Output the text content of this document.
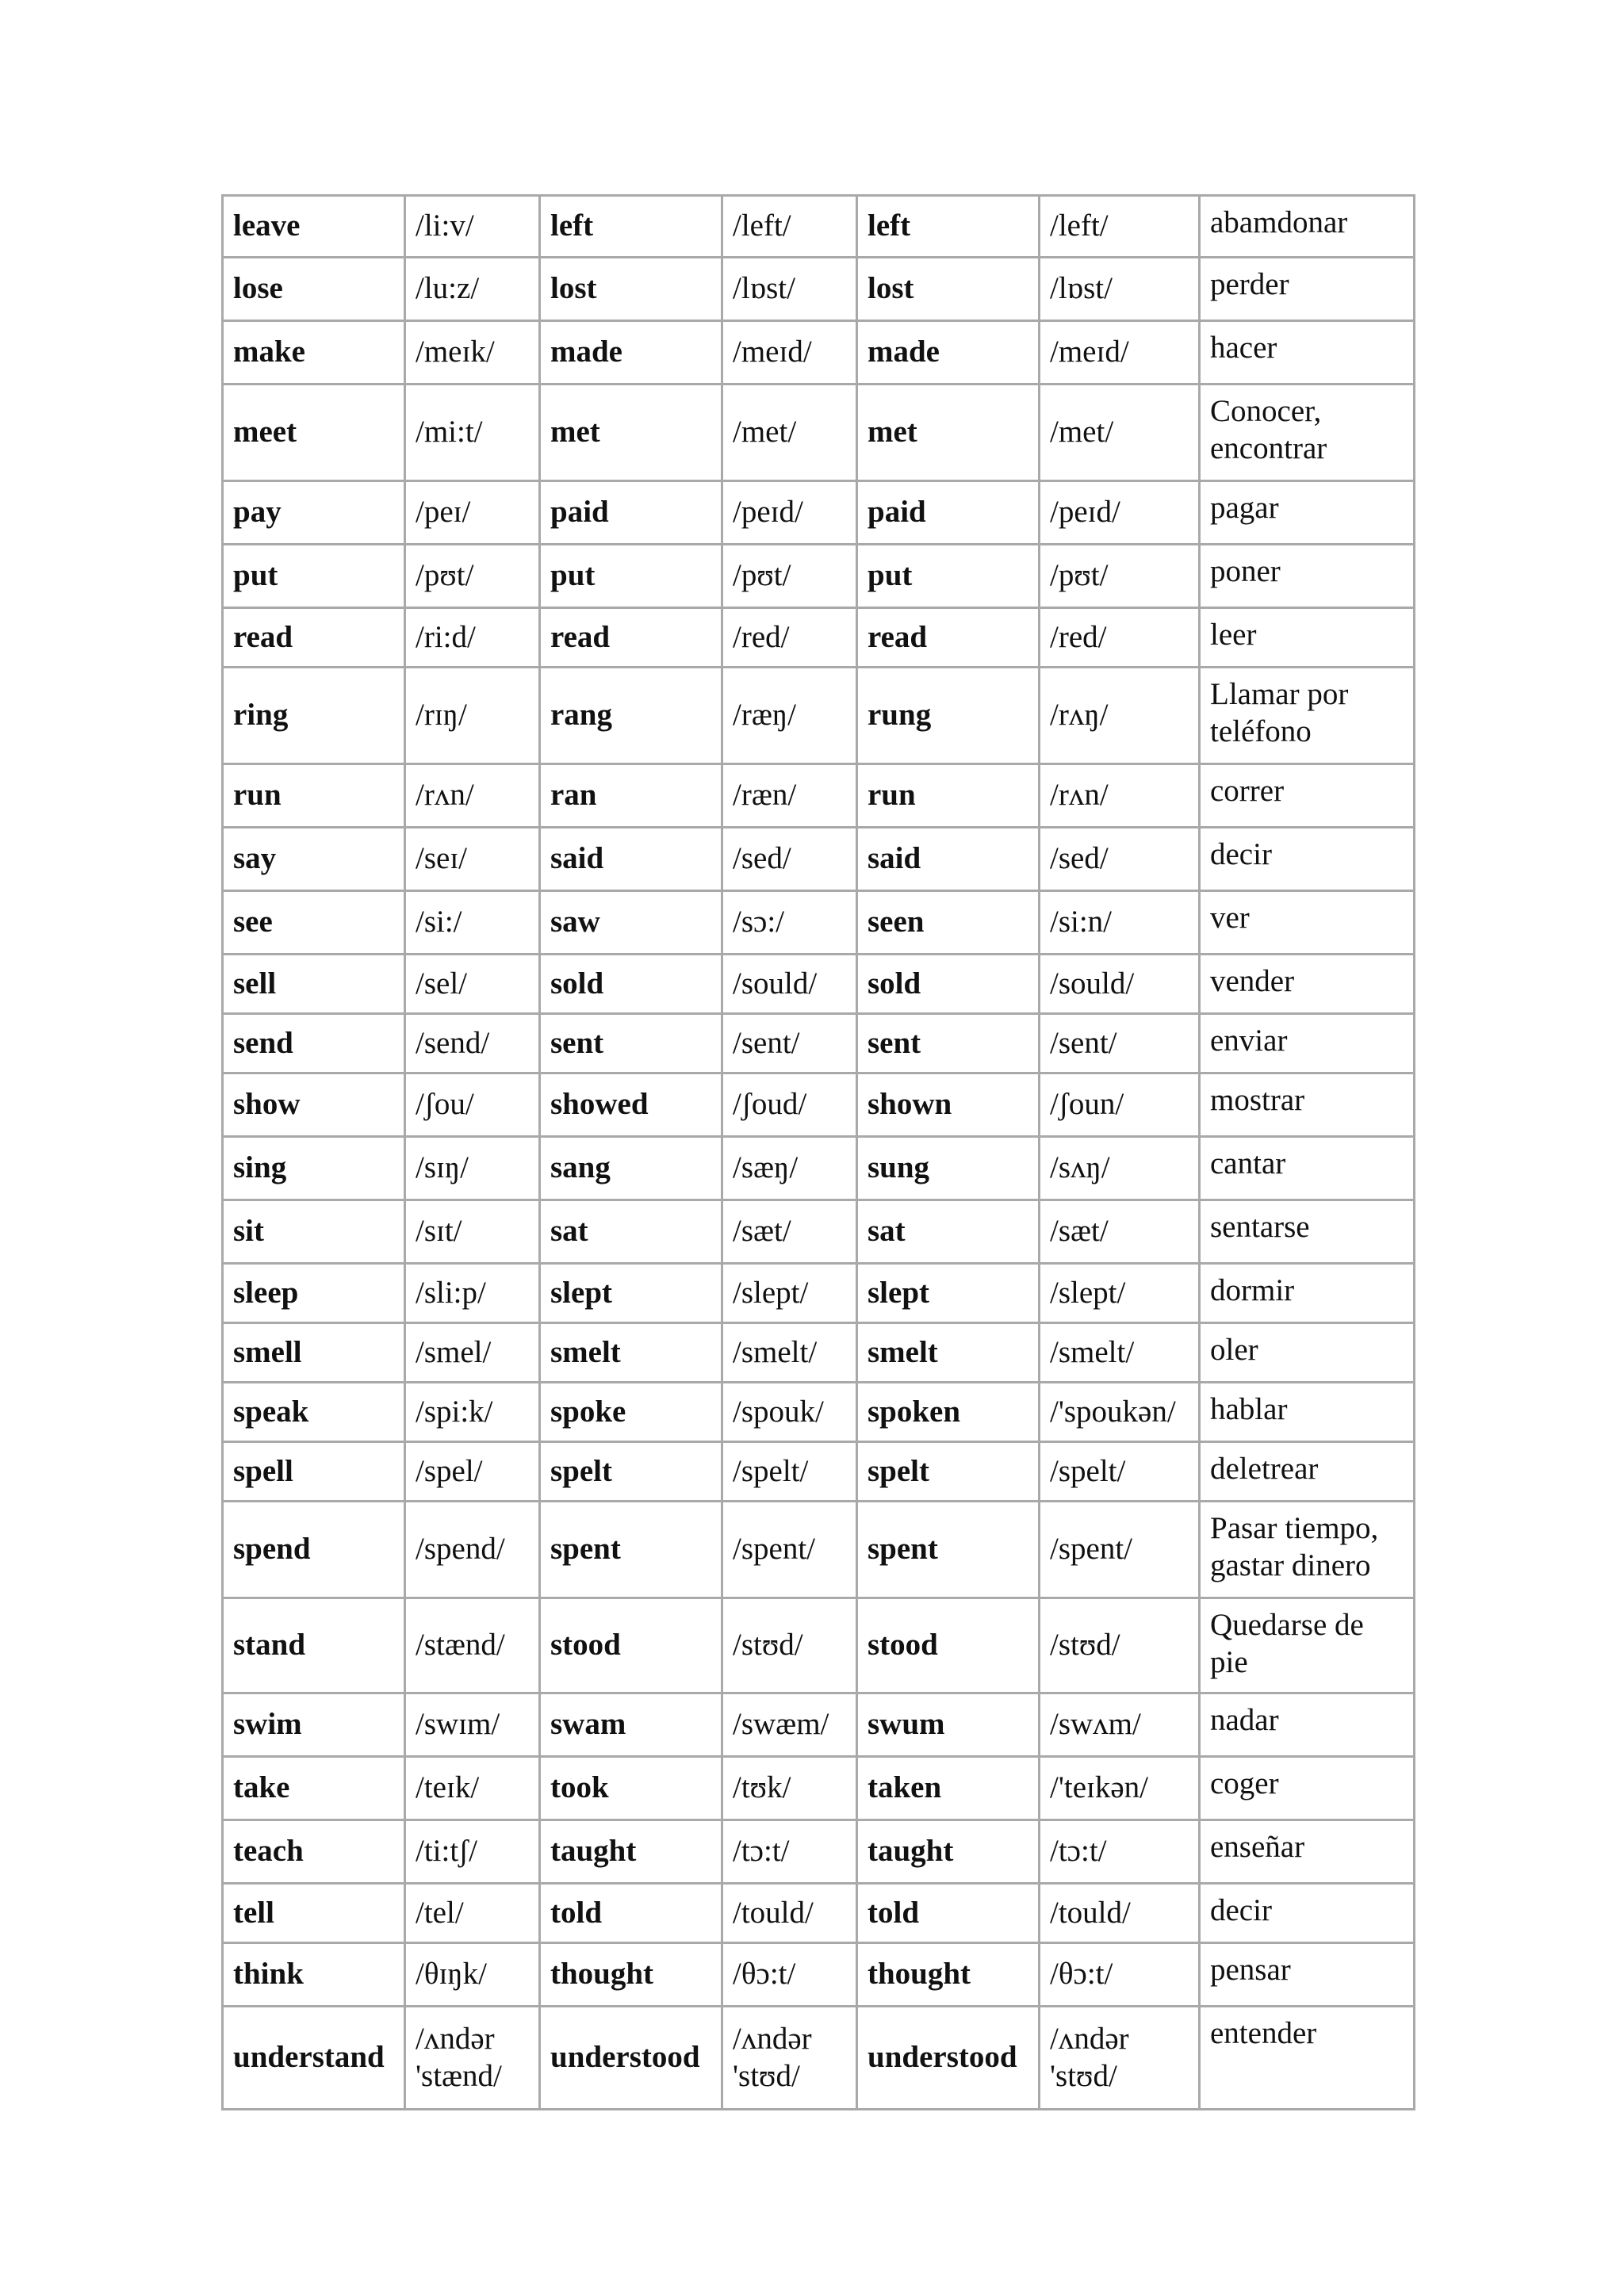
leave	/li:v/	left	/left/	left	/left/	abamdonar
lose	/lu:z/	lost	/lɒst/	lost	/lɒst/	perder
make	/meɪk/	made	/meɪd/	made	/meɪd/	hacer
meet	/mi:t/	met	/met/	met	/met/	Conocer, encontrar
pay	/peɪ/	paid	/peɪd/	paid	/peɪd/	pagar
put	/pʊt/	put	/pʊt/	put	/pʊt/	poner
read	/ri:d/	read	/red/	read	/red/	leer
ring	/rɪŋ/	rang	/ræŋ/	rung	/rʌŋ/	Llamar por teléfono
run	/rʌn/	ran	/ræn/	run	/rʌn/	correr
say	/seɪ/	said	/sed/	said	/sed/	decir
see	/si:/	saw	/sɔ:/	seen	/si:n/	ver
sell	/sel/	sold	/sould/	sold	/sould/	vender
send	/send/	sent	/sent/	sent	/sent/	enviar
show	/ʃou/	showed	/ʃoud/	shown	/ʃoun/	mostrar
sing	/sɪŋ/	sang	/sæŋ/	sung	/sʌŋ/	cantar
sit	/sɪt/	sat	/sæt/	sat	/sæt/	sentarse
sleep	/sli:p/	slept	/slept/	slept	/slept/	dormir
smell	/smel/	smelt	/smelt/	smelt	/smelt/	oler
speak	/spi:k/	spoke	/spouk/	spoken	/'spoukən/	hablar
spell	/spel/	spelt	/spelt/	spelt	/spelt/	deletrear
spend	/spend/	spent	/spent/	spent	/spent/	Pasar tiempo, gastar dinero
stand	/stænd/	stood	/stʊd/	stood	/stʊd/	Quedarse de pie
swim	/swɪm/	swam	/swæm/	swum	/swʌm/	nadar
take	/teɪk/	took	/tʊk/	taken	/'teɪkən/	coger
teach	/ti:tʃ/	taught	/tɔ:t/	taught	/tɔ:t/	enseñar
tell	/tel/	told	/tould/	told	/tould/	decir
think	/θɪŋk/	thought	/θɔ:t/	thought	/θɔ:t/	pensar
understand	/ʌndər 'stænd/	understood	/ʌndər 'stʊd/	understood	/ʌndər 'stʊd/	entender
